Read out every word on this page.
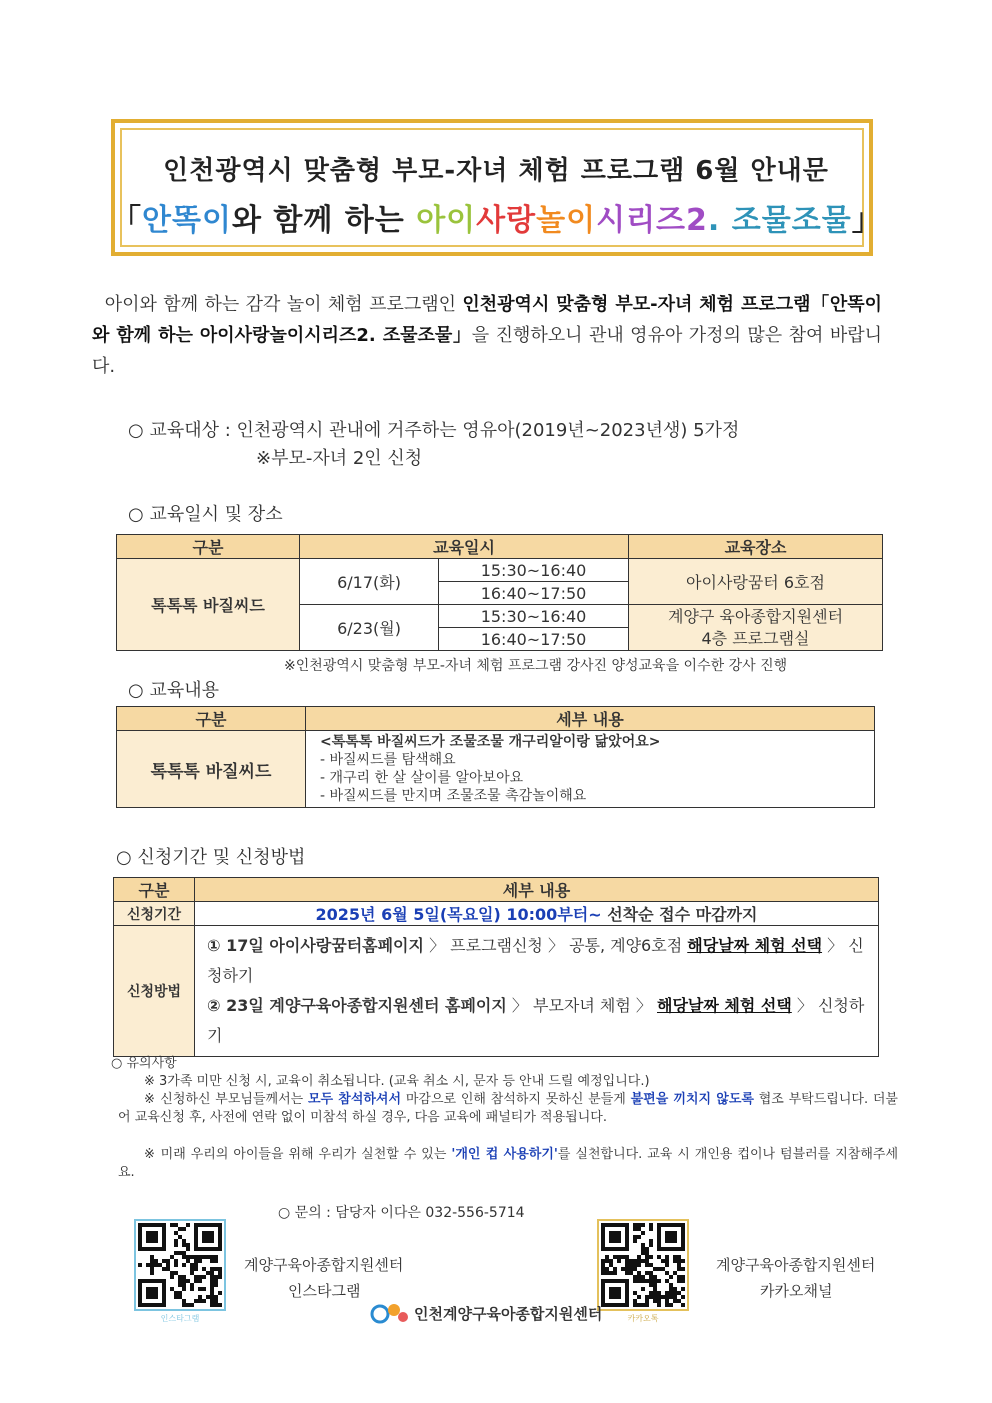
인천광역시 맞춤형 부모-자녀 체험 프로그램 6월 안내문
「안똑이와 함께 하는 아이사랑놀이시리즈2. 조물조물」
아이와 함께 하는 감각 놀이 체험 프로그램인 인천광역시 맞춤형 부모-자녀 체험 프로그램「안똑이와 함께 하는 아이사랑놀이시리즈2. 조물조물」을 진행하오니 관내 영유아 가정의 많은 참여 바랍니다.
○ 교육대상 : 인천광역시 관내에 거주하는 영유아(2019년~2023년생) 5가정
※부모-자녀 2인 신청
○ 교육일시 및 장소
구분	교육일시		교육장소
톡톡톡 바질씨드	6/17(화)	15:30~16:40	아이사랑꿈터 6호점
		16:40~17:50	
	6/23(월)	15:30~16:40	계양구 육아종합지원센터
4층 프로그램실
		16:40~17:50	
※인천광역시 맞춤형 부모-자녀 체험 프로그램 강사진 양성교육을 이수한 강사 진행
○ 교육내용
구분	세부 내용
톡톡톡 바질씨드	<톡톡톡 바질씨드가 조물조물 개구리알이랑 닮았어요>
- 바질씨드를 탐색해요
- 개구리 한 살 살이를 알아보아요
- 바질씨드를 만지며 조물조물 촉감놀이해요
○ 신청기간 및 신청방법
구분	세부 내용
신청기간	2025년 6월 5일(목요일) 10:00부터~ 선착순 접수 마감까지
신청방법	① 17일 아이사랑꿈터홈페이지 〉 프로그램신청 〉 공통, 계양6호점 해당날짜 체험 선택 〉 신청하기
② 23일 계양구육아종합지원센터 홈페이지 〉 부모자녀 체험 〉 해당날짜 체험 선택 〉 신청하기
○ 유의사항
※ 3가족 미만 신청 시, 교육이 취소됩니다. (교육 취소 시, 문자 등 안내 드릴 예정입니다.)
※ 신청하신 부모님들께서는 모두 참석하셔서 마감으로 인해 참석하지 못하신 분들게 불편을 끼치지 않도록 협조 부탁드립니다. 더불어 교육신청 후, 사전에 연락 없이 미참석 하실 경우, 다음 교육에 패널티가 적용됩니다.
※ 미래 우리의 아이들을 위해 우리가 실천할 수 있는 '개인 컵 사용하기'를 실천합니다. 교육 시 개인용 컵이나 텀블러를 지참해주세요.
○ 문의 : 담당자 이다은 032-556-5714
인스타그램
계양구육아종합지원센터
인스타그램
카카오톡
계양구육아종합지원센터
카카오채널
인천계양구육아종합지원센터
